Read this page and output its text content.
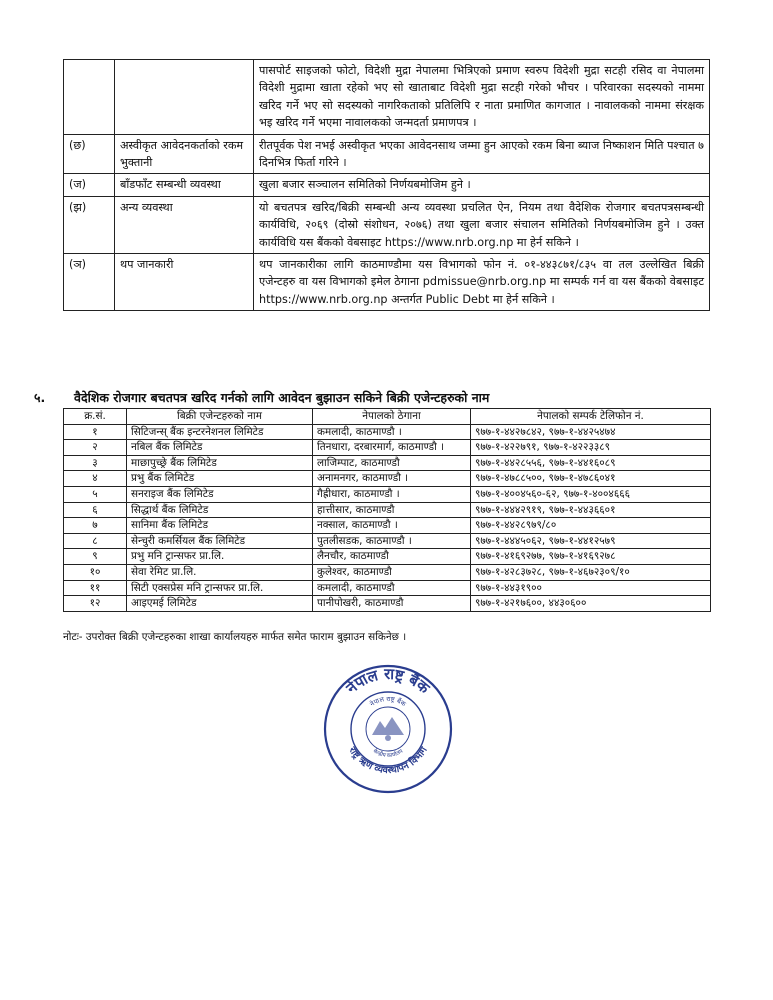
		पासपोर्ट साइजको फोटो, विदेशी मुद्रा नेपालमा भित्रिएको प्रमाण स्वरुप विदेशी मुद्रा सटही रसिद वा नेपालमा विदेशी मुद्रामा खाता रहेको भए सो खाताबाट विदेशी मुद्रा सटही गरेको भौचर । परिवारका सदस्यको नाममा खरिद गर्ने भए सो सदस्यको नागरिकताको प्रतिलिपि र नाता प्रमाणित कागजात । नावालकको नाममा संरक्षक भइ खरिद गर्ने भएमा नावालकको जन्मदर्ता प्रमाणपत्र ।
(छ)	अस्वीकृत आवेदनकर्ताको रकम भुक्तानी	रीतपूर्वक पेश नभई अस्वीकृत भएका आवेदनसाथ जम्मा हुन आएको रकम बिना ब्याज निष्काशन मिति पश्चात ७ दिनभित्र फिर्ता गरिने ।
(ज)	बाँडफाँट सम्बन्धी व्यवस्था	खुला बजार सञ्चालन समितिको निर्णयबमोजिम हुने ।
(झ)	अन्य व्यवस्था	यो बचतपत्र खरिद/बिक्री सम्बन्धी अन्य व्यवस्था प्रचलित ऐन, नियम तथा वैदेशिक रोजगार बचतपत्रसम्बन्धी कार्यविधि, २०६९ (दोस्रो संशोधन, २०७६) तथा खुला बजार संचालन समितिको निर्णयबमोजिम हुने । उक्त कार्यविधि यस बैंकको वेबसाइट https://www.nrb.org.np मा हेर्न सकिने ।
(ञ)	थप जानकारी	थप जानकारीका लागि काठमाण्डौमा यस विभागको फोन नं. ०१-४४३८७१/८३५ वा तल उल्लेखित बिक्री एजेन्टहरु वा यस विभागको इमेल ठेगाना pdmissue@nrb.org.np मा सम्पर्क गर्न वा यस बैंकको वेबसाइट https://www.nrb.org.np अन्तर्गत Public Debt मा हेर्न सकिने ।
५. वैदेशिक रोजगार बचतपत्र खरिद गर्नको लागि आवेदन बुझाउन सकिने बिक्री एजेन्टहरुको नाम
क्र.सं.	बिक्री एजेन्टहरुको नाम	नेपालको ठेगाना	नेपालको सम्पर्क टेलिफोन नं.
१	सिटिजन्स् बैंक इन्टरनेशनल लिमिटेड	कमलादी, काठमाण्डौ ।	९७७-१-४४२७८४२, ९७७-१-४४२५४७४
२	नबिल बैंक लिमिटेड	तिनधारा, दरबारमार्ग, काठमाण्डौ ।	९७७-१-४२२७९१, ९७७-१-४२२३३८९
३	माछापुच्छ्रे बैंक लिमिटेड	लाजिम्पाट, काठमाण्डौ	९७७-१-४४२८५५६, ९७७-१-४४१६०८९
४	प्रभु बैंक लिमिटेड	अनामनगर, काठमाण्डौ ।	९७७-१-४७८८५००, ९७७-१-४७८६०४१
५	सनराइज बैंक लिमिटेड	गैह्रीधारा, काठमाण्डौ ।	९७७-१-४००४५६०-६२, ९७७-१-४००४६६६
६	सिद्धार्थ बैंक लिमिटेड	हात्तीसार, काठमाण्डौ	९७७-१-४४४२९१९, ९७७-१-४४३६६०१
७	सानिमा बैंक लिमिटेड	नक्साल, काठमाण्डौ ।	९७७-१-४४२८९७९/८०
८	सेन्चुरी कमर्सियल बैंक लिमिटेड	पुतलीसडक, काठमाण्डौ ।	९७७-१-४४४५०६२, ९७७-१-४४१२५७९
९	प्रभु मनि ट्रान्सफर प्रा.लि.	लैनचौर, काठमाण्डौ	९७७-१-४१६९२७७, ९७७-१-४१६९२७८
१०	सेवा रेमिट प्रा.लि.	कुलेश्वर, काठमाण्डौ	९७७-१-४२८३७२८, ९७७-१-४६७२३०९/१०
११	सिटी एक्सप्रेस मनि ट्रान्सफर प्रा.लि.	कमलादी, काठमाण्डौ	९७७-१-४४३१९००
१२	आइएमई लिमिटेड	पानीपोखरी, काठमाण्डौ	९७७-१-४२१७६००, ४४३०६००
नोटः- उपरोक्त बिक्री एजेन्टहरुका शाखा कार्यालयहरु मार्फत समेत फाराम बुझाउन सकिनेछ ।
नेपाल राष्ट्र बैंक
राष्ट्र ऋण व्यवस्थापन विभाग
नेपाल राष्ट्र बैंक
केन्द्रीय कार्यालय
